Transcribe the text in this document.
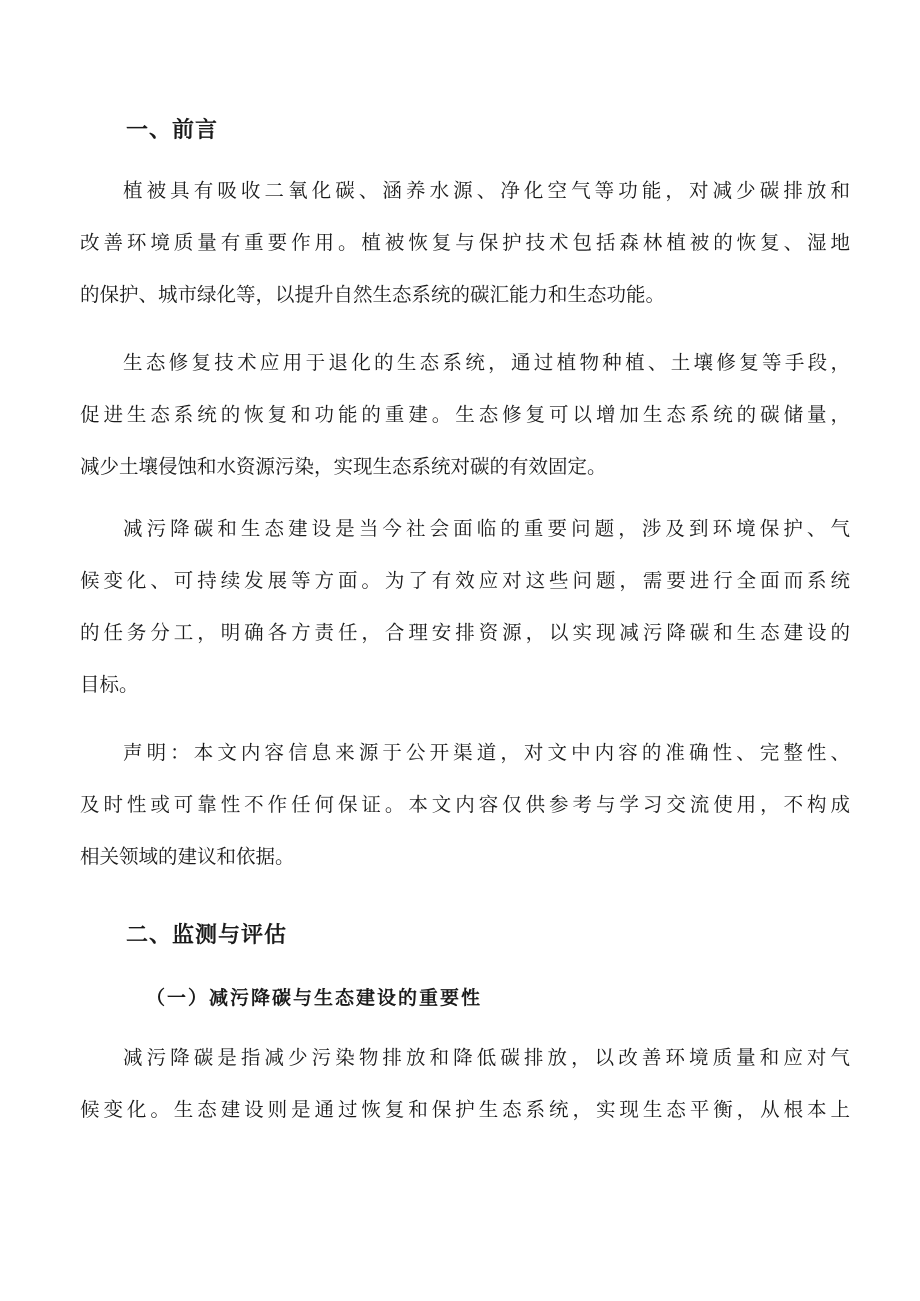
一、前言
植被具有吸收二氧化碳、涵养水源、净化空气等功能，对减少碳排放和
改善环境质量有重要作用。植被恢复与保护技术包括森林植被的恢复、湿地
的保护、城市绿化等，以提升自然生态系统的碳汇能力和生态功能。
生态修复技术应用于退化的生态系统，通过植物种植、土壤修复等手段，
促进生态系统的恢复和功能的重建。生态修复可以增加生态系统的碳储量，
减少土壤侵蚀和水资源污染，实现生态系统对碳的有效固定。
减污降碳和生态建设是当今社会面临的重要问题，涉及到环境保护、气
候变化、可持续发展等方面。为了有效应对这些问题，需要进行全面而系统
的任务分工，明确各方责任，合理安排资源，以实现减污降碳和生态建设的
目标。
声明：本文内容信息来源于公开渠道，对文中内容的准确性、完整性、
及时性或可靠性不作任何保证。本文内容仅供参考与学习交流使用，不构成
相关领域的建议和依据。
二、监测与评估
（一）减污降碳与生态建设的重要性
减污降碳是指减少污染物排放和降低碳排放，以改善环境质量和应对气
候变化。生态建设则是通过恢复和保护生态系统，实现生态平衡，从根本上
